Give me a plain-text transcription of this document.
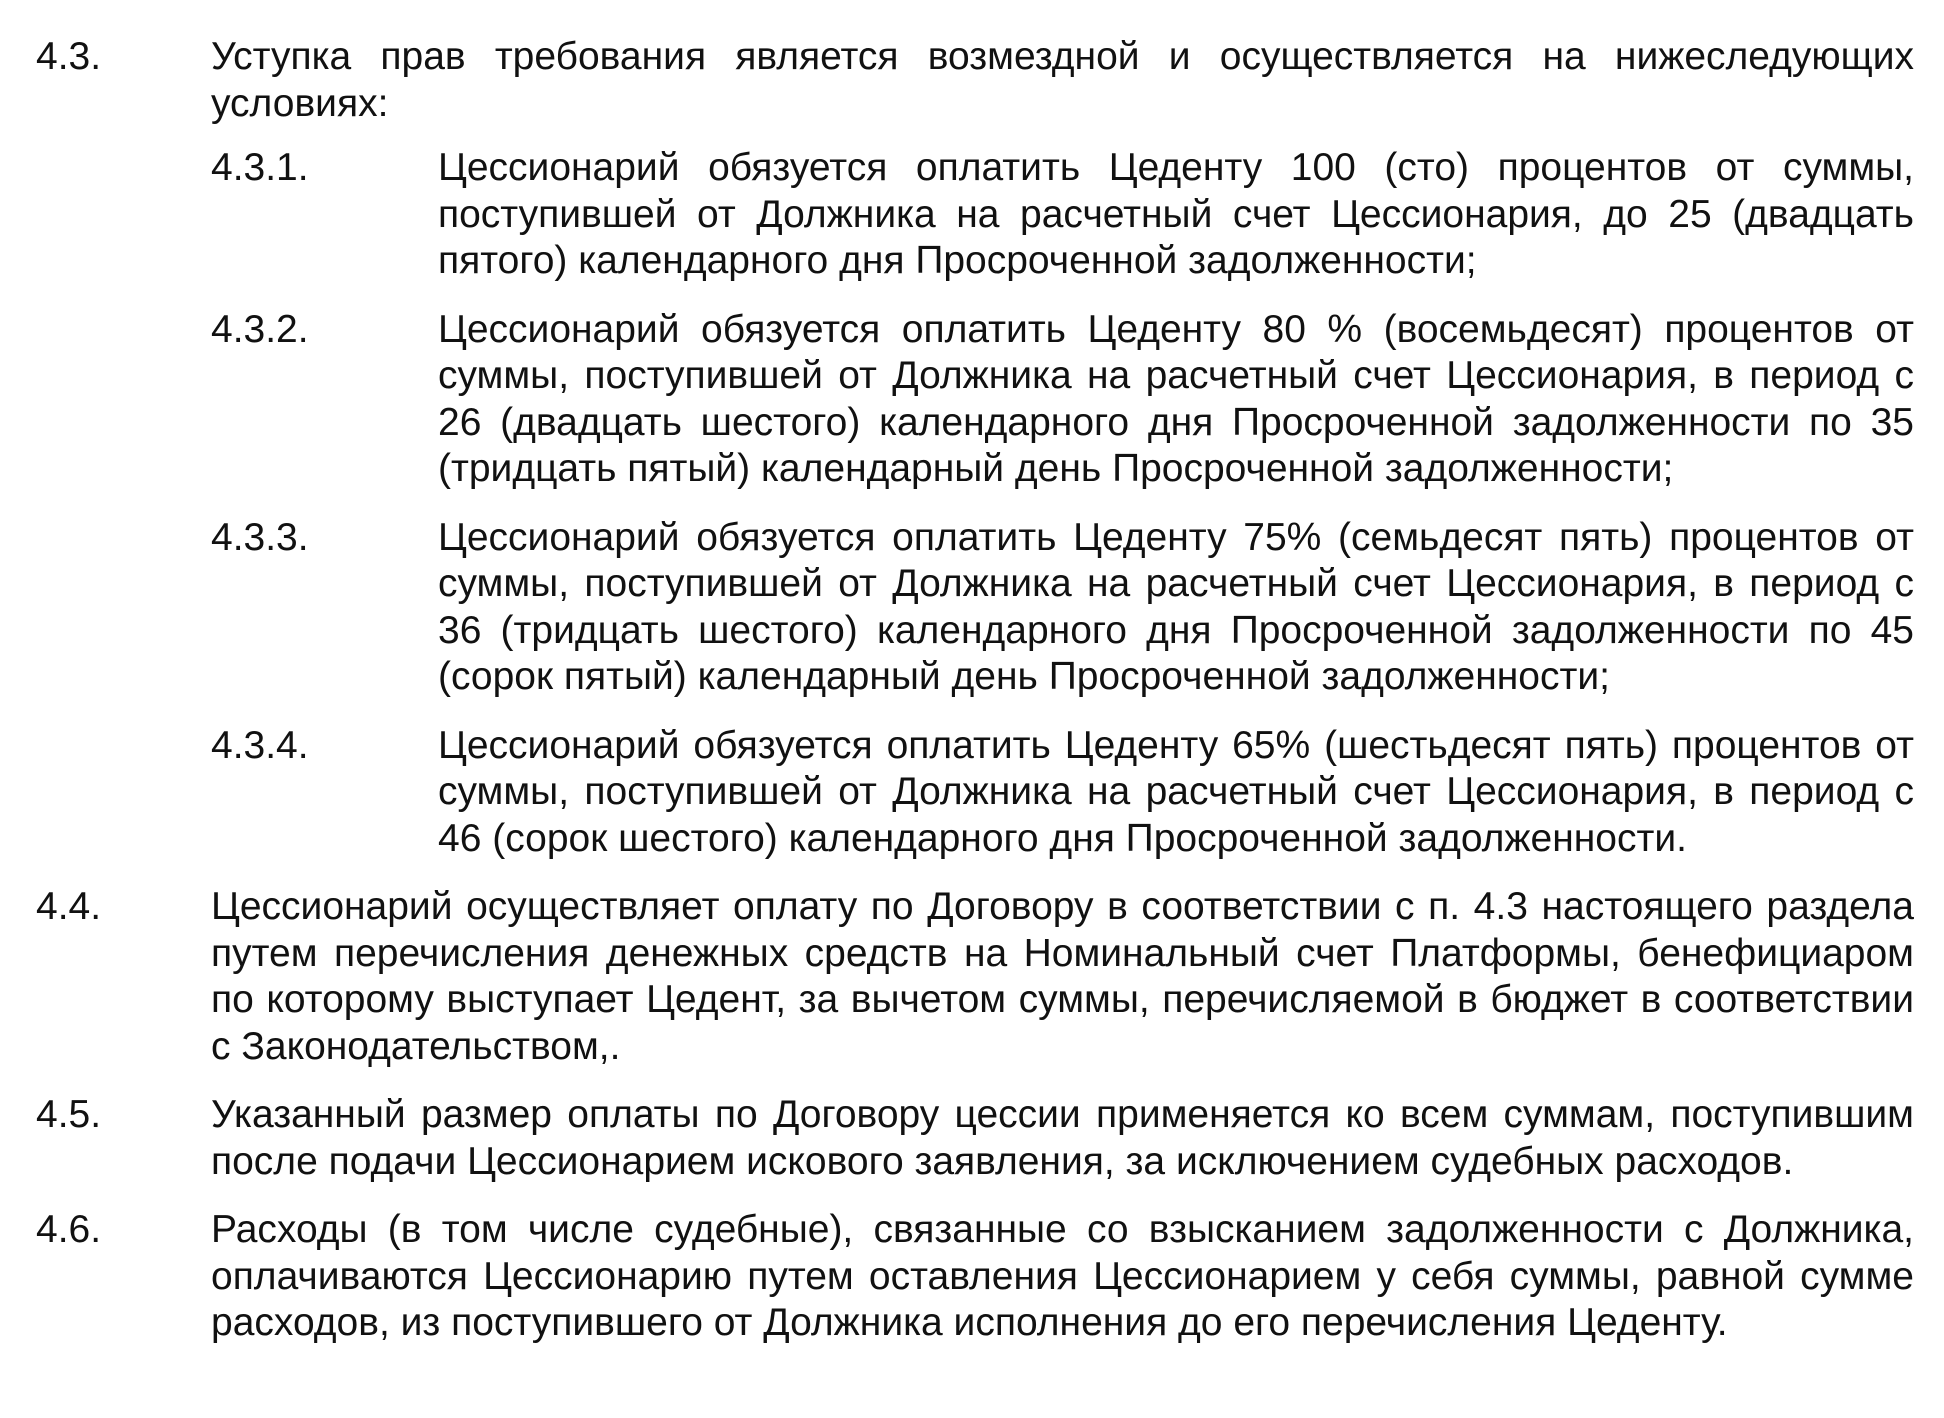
4.3.	Уступка прав требования является возмездной и осуществляется на нижеследующих условиях:

4.3.1.	Цессионарий обязуется оплатить Цеденту 100 (сто) процентов от суммы, поступившей от Должника на расчетный счет Цессионария, до 25 (двадцать пятого) календарного дня Просроченной задолженности;

4.3.2.	Цессионарий обязуется оплатить Цеденту 80 % (восемьдесят) процентов от суммы, поступившей от Должника на расчетный счет Цессионария, в период с 26 (двадцать шестого) календарного дня Просроченной задолженности по 35 (тридцать пятый) календарный день Просроченной задолженности;

4.3.3.	Цессионарий обязуется оплатить Цеденту 75% (семьдесят пять) процентов от суммы, поступившей от Должника на расчетный счет Цессионария, в период с 36 (тридцать шестого) календарного дня Просроченной задолженности по 45 (сорок пятый) календарный день Просроченной задолженности;

4.3.4.	Цессионарий обязуется оплатить Цеденту 65% (шестьдесят пять) процентов от суммы, поступившей от Должника на расчетный счет Цессионария, в период с 46 (сорок шестого) календарного дня Просроченной задолженности.

4.4.	Цессионарий осуществляет оплату по Договору в соответствии с п. 4.3 настоящего раздела путем перечисления денежных средств на Номинальный счет Платформы, бенефициаром по которому выступает Цедент, за вычетом суммы, перечисляемой в бюджет в соответствии с Законодательством,.

4.5.	Указанный размер оплаты по Договору цессии применяется ко всем суммам, поступившим после подачи Цессионарием искового заявления, за исключением судебных расходов.

4.6.	Расходы (в том числе судебные), связанные со взысканием задолженности с Должника, оплачиваются Цессионарию путем оставления Цессионарием у себя суммы, равной сумме расходов, из поступившего от Должника исполнения до его перечисления Цеденту.
